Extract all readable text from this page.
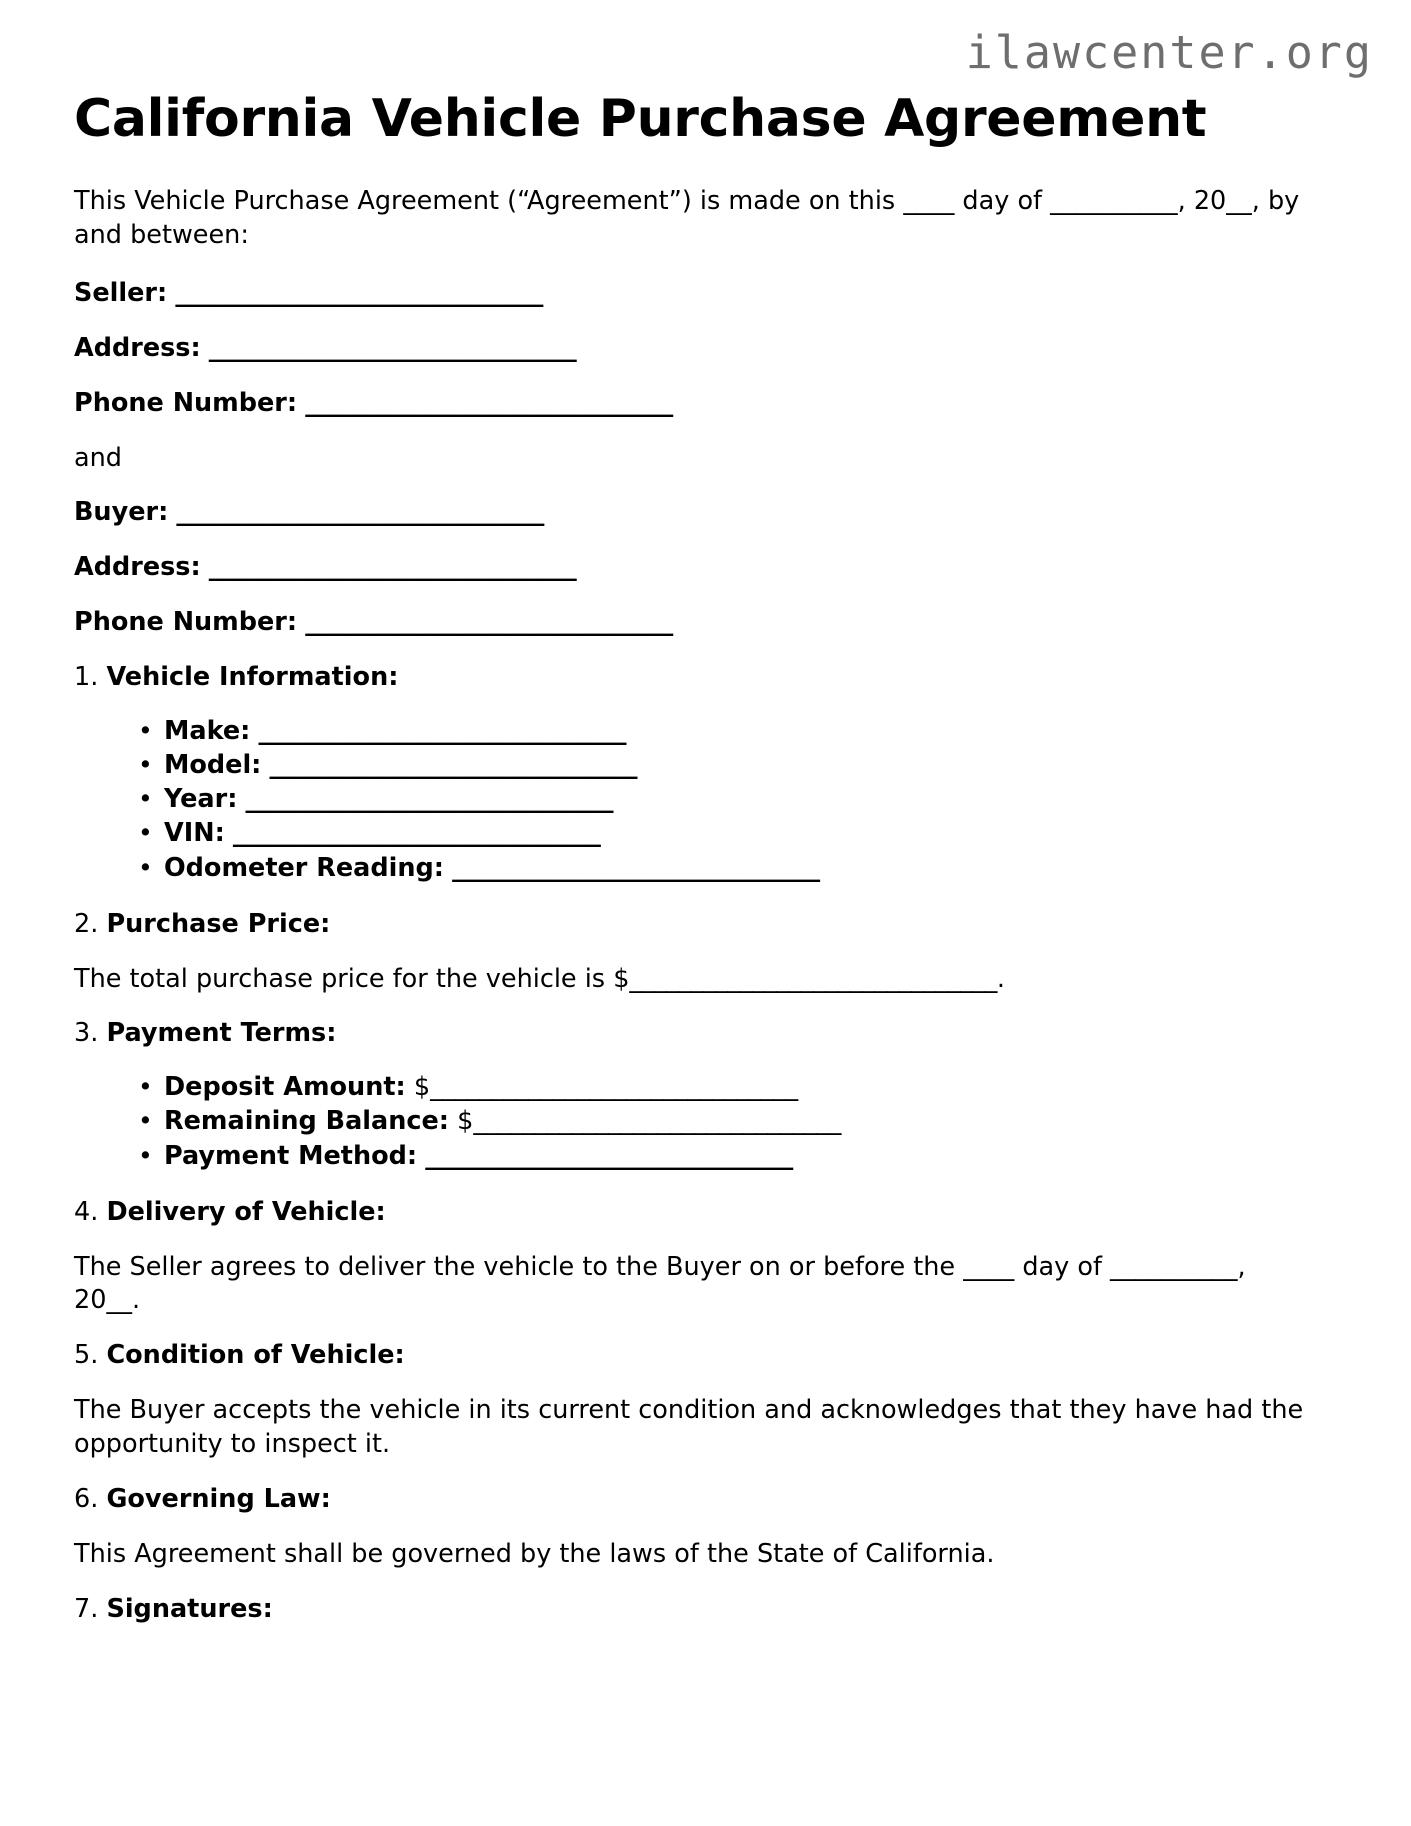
ilawcenter.org
California Vehicle Purchase Agreement

This Vehicle Purchase Agreement (“Agreement”) is made on this ____ day of __________, 20__, by and between:

Seller: ______________________________

Address: ______________________________

Phone Number: ______________________________

and

Buyer: ______________________________

Address: ______________________________

Phone Number: ______________________________

1. Vehicle Information:

• Make: ______________________________
• Model: ______________________________
• Year: ______________________________
• VIN: ______________________________
• Odometer Reading: ______________________________

2. Purchase Price:

The total purchase price for the vehicle is $______________________________.

3. Payment Terms:

• Deposit Amount: $______________________________
• Remaining Balance: $______________________________
• Payment Method: ______________________________

4. Delivery of Vehicle:

The Seller agrees to deliver the vehicle to the Buyer on or before the ____ day of __________, 20__.

5. Condition of Vehicle:

The Buyer accepts the vehicle in its current condition and acknowledges that they have had the opportunity to inspect it.

6. Governing Law:

This Agreement shall be governed by the laws of the State of California.

7. Signatures:
